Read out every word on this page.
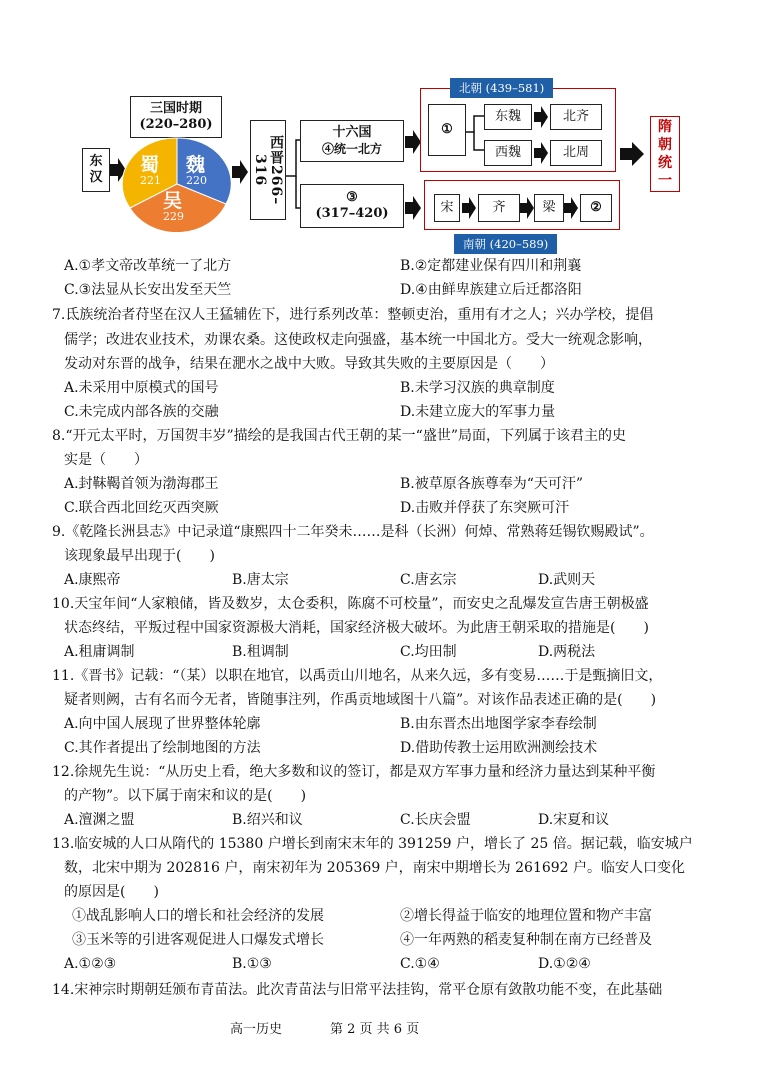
三国时期
(220–280)
东汉
蜀
221
魏
220
吴
229
西晋266–316
十六国
④统一北方
③
(317–420)
北朝 (439–581)
①
东魏	北齐
西魏	北周
南朝 (420–589)
宋	齐	梁	②
隋朝统一
A.①孝文帝改革统一了北方	B.②定都建业保有四川和荆襄
C.③法显从长安出发至天竺	D.④由鲜卑族建立后迁都洛阳
7.氐族统治者苻坚在汉人王猛辅佐下，进行系列改革：整顿吏治，重用有才之人；兴办学校，提倡
儒学；改进农业技术，劝课农桑。这使政权走向强盛，基本统一中国北方。受大一统观念影响，
发动对东晋的战争，结果在淝水之战中大败。导致其失败的主要原因是（　　）
A.未采用中原模式的国号	B.未学习汉族的典章制度
C.未完成内部各族的交融	D.未建立庞大的军事力量
8.“开元太平时，万国贺丰岁”描绘的是我国古代王朝的某一“盛世”局面，下列属于该君主的史
实是（　　）
A.封靺鞨首领为渤海郡王	B.被草原各族尊奉为“天可汗”
C.联合西北回纥灭西突厥	D.击败并俘获了东突厥可汗
9.《乾隆长洲县志》中记录道“康熙四十二年癸未……是科（长洲）何焯、常熟蒋廷锡钦赐殿试”。
该现象最早出现于(　　)
A.康熙帝	B.唐太宗	C.唐玄宗	D.武则天
10.天宝年间“人家粮储，皆及数岁，太仓委积，陈腐不可校量”，而安史之乱爆发宣告唐王朝极盛
状态终结，平叛过程中国家资源极大消耗，国家经济极大破坏。为此唐王朝采取的措施是(　　)
A.租庸调制	B.租调制	C.均田制	D.两税法
11.《晋书》记载：“（某）以职在地官，以禹贡山川地名，从来久远，多有变易……于是甄摘旧文，
疑者则阙，古有名而今无者，皆随事注列，作禹贡地域图十八篇”。对该作品表述正确的是(　　)
A.向中国人展现了世界整体轮廓	B.由东晋杰出地图学家李春绘制
C.其作者提出了绘制地图的方法	D.借助传教士运用欧洲测绘技术
12.徐规先生说：“从历史上看，绝大多数和议的签订，都是双方军事力量和经济力量达到某种平衡
的产物”。以下属于南宋和议的是(　　)
A.澶渊之盟	B.绍兴和议	C.长庆会盟	D.宋夏和议
13.临安城的人口从隋代的 15380 户增长到南宋末年的 391259 户，增长了 25 倍。据记载，临安城户
数，北宋中期为 202816 户，南宋初年为 205369 户，南宋中期增长为 261692 户。临安人口变化
的原因是(　　)
①战乱影响人口的增长和社会经济的发展	②增长得益于临安的地理位置和物产丰富
③玉米等的引进客观促进人口爆发式增长	④一年两熟的稻麦复种制在南方已经普及
A.①②③	B.①③	C.①④	D.①②④
14.宋神宗时期朝廷颁布青苗法。此次青苗法与旧常平法挂钩，常平仓原有敛散功能不变，在此基础
高一历史	第 2 页 共 6 页
